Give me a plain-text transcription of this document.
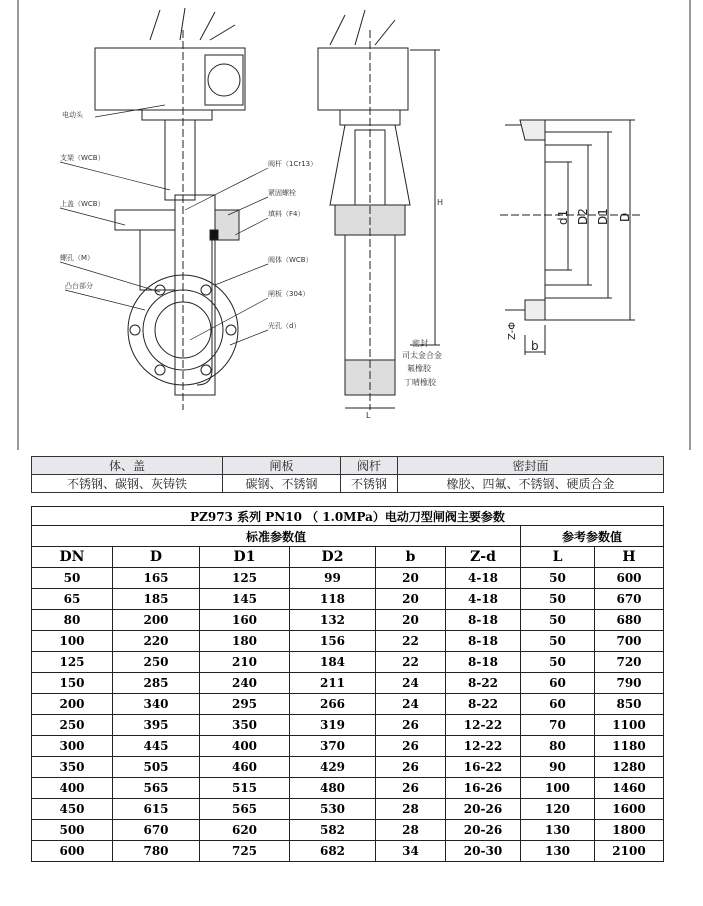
电动头
支架（WCB）
上盖（WCB）
螺孔（M）
凸台部分
阀杆（1Cr13）
紧固螺栓
填料（F4）
阀体（WCB）
闸板（304）
光孔（d）
H
L
密封
司太金合金
氟橡胶
丁晴橡胶
d1 D2 D1 D
Z-Φ
b
体、盖	闸板	阀杆	密封面
不锈钢、碳钢、灰铸铁	碳钢、不锈钢	不锈钢	橡胶、四氟、不锈钢、硬质合金
PZ973 系列 PN10 （ 1.0MPa）电动刀型闸阀主要参数							
标准参数值						参考参数值	
DN	D	D1	D2	b	Z-d	L	H
50	165	125	99	20	4-18	50	600
65	185	145	118	20	4-18	50	670
80	200	160	132	20	8-18	50	680
100	220	180	156	22	8-18	50	700
125	250	210	184	22	8-18	50	720
150	285	240	211	24	8-22	60	790
200	340	295	266	24	8-22	60	850
250	395	350	319	26	12-22	70	1100
300	445	400	370	26	12-22	80	1180
350	505	460	429	26	16-22	90	1280
400	565	515	480	26	16-26	100	1460
450	615	565	530	28	20-26	120	1600
500	670	620	582	28	20-26	130	1800
600	780	725	682	34	20-30	130	2100
